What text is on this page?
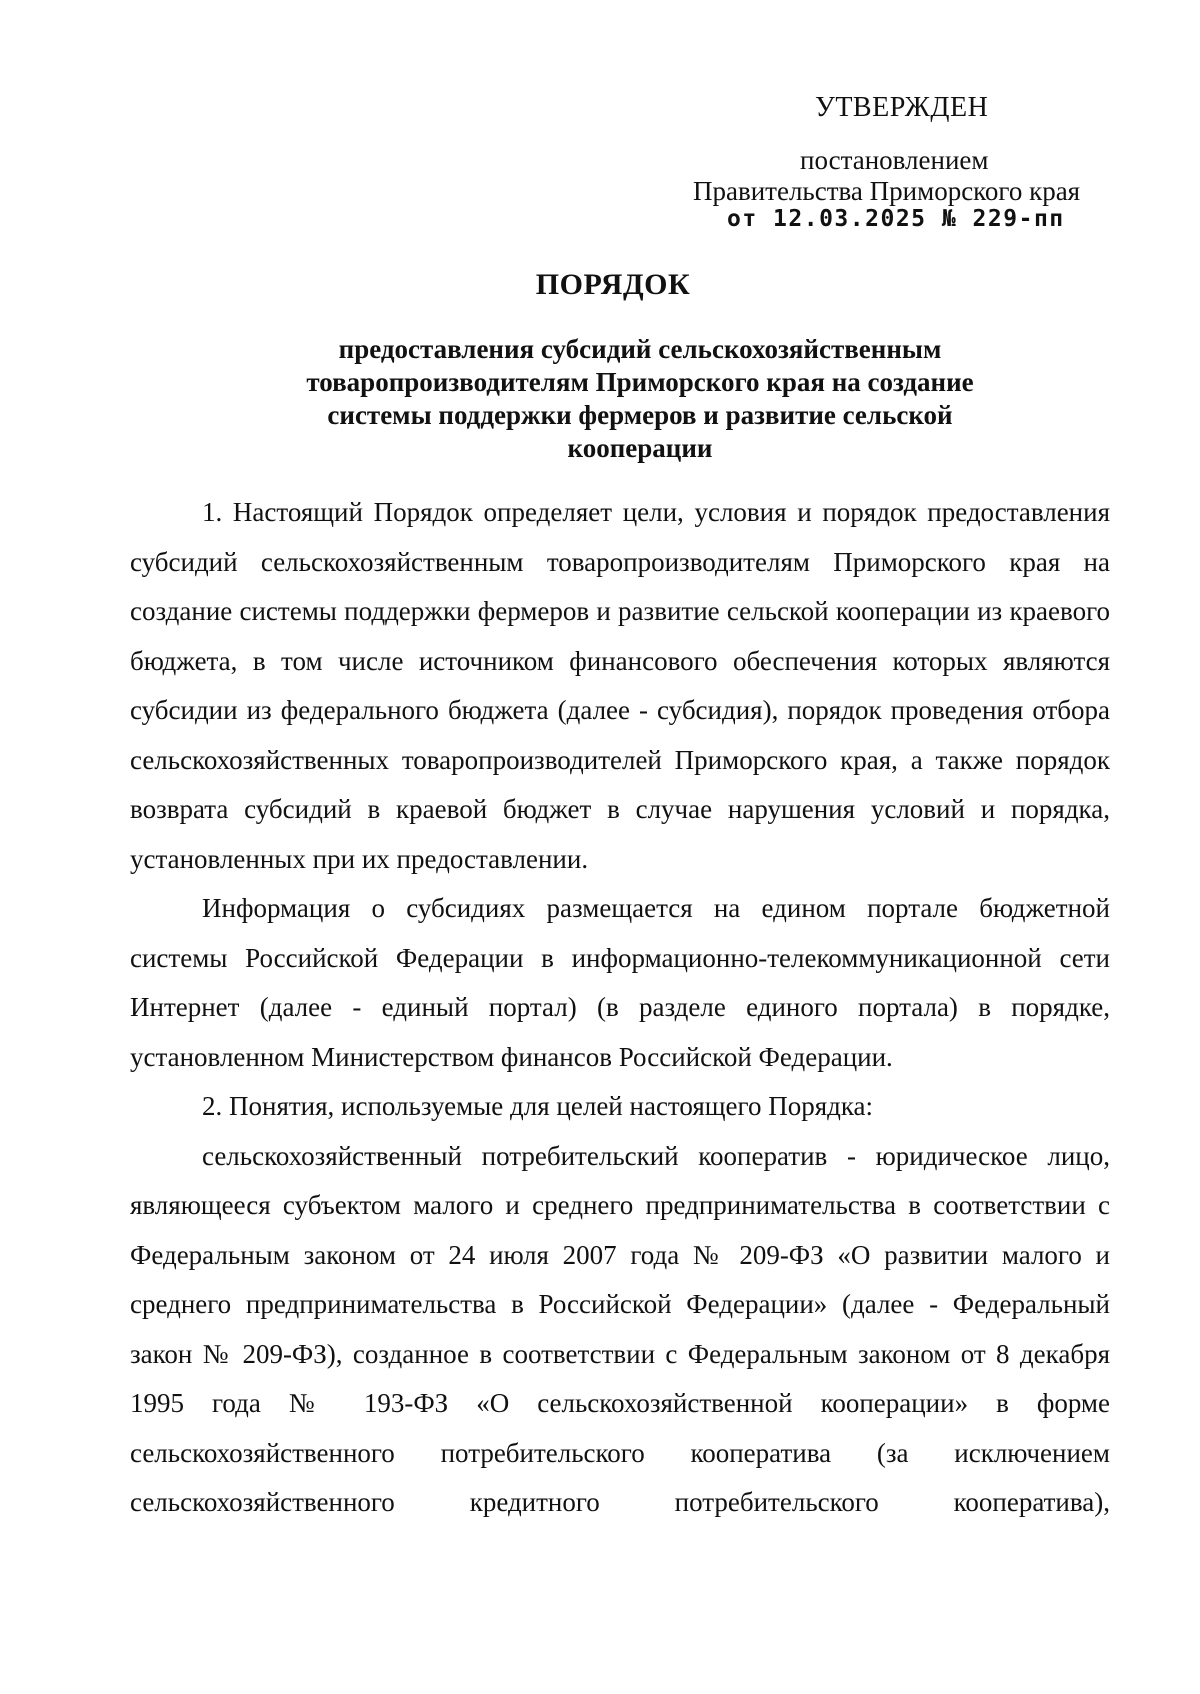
УТВЕРЖДЕН
постановлением
Правительства Приморского края
от 12.03.2025 № 229-пп
ПОРЯДОК
предоставления субсидий сельскохозяйственным товаропроизводителям Приморского края на создание системы поддержки фермеров и развитие сельской кооперации

1. Настоящий Порядок определяет цели, условия и порядок предоставления субсидий сельскохозяйственным товаропроизводителям Приморского края на создание системы поддержки фермеров и развитие сельской кооперации из краевого бюджета, в том числе источником финансового обеспечения которых являются субсидии из федерального бюджета (далее - субсидия), порядок проведения отбора сельскохозяйственных товаропроизводителей Приморского края, а также порядок возврата субсидий в краевой бюджет в случае нарушения условий и порядка, установленных при их предоставлении.

Информация о субсидиях размещается на едином портале бюджетной системы Российской Федерации в информационно-телекоммуникационной сети Интернет (далее - единый портал) (в разделе единого портала) в порядке, установленном Министерством финансов Российской Федерации.

2. Понятия, используемые для целей настоящего Порядка:

сельскохозяйственный потребительский кооператив - юридическое лицо, являющееся субъектом малого и среднего предпринимательства в соответствии с Федеральным законом от 24 июля 2007 года № 209-ФЗ «О развитии малого и среднего предпринимательства в Российской Федерации» (далее - Федеральный закон № 209-ФЗ), созданное в соответствии с Федеральным законом от 8 декабря 1995 года № 193-ФЗ «О сельскохозяйственной кооперации» в форме сельскохозяйственного потребительского кооператива (за исключением сельскохозяйственного кредитного потребительского кооператива),
